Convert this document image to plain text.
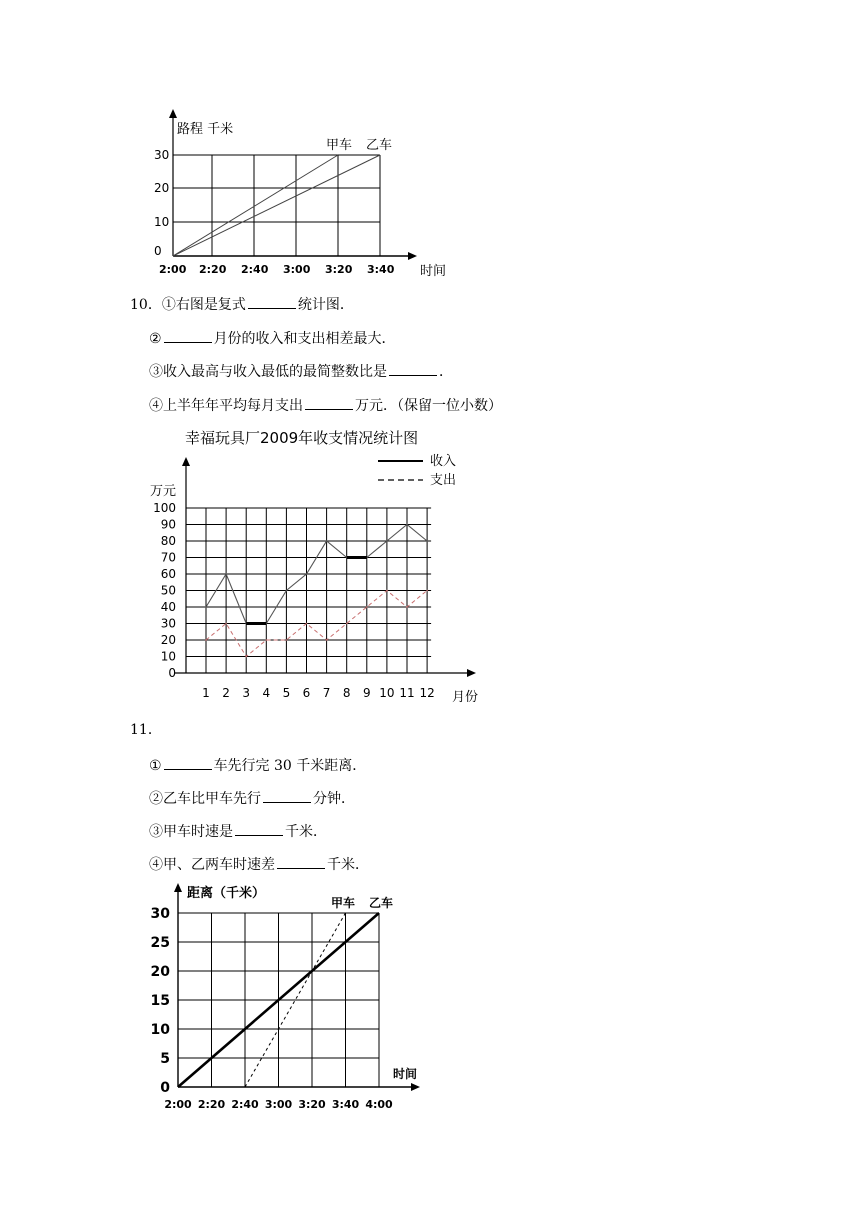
路程 千米
时间
30
20
10
0
2:00 2:20 2:40 3:00 3:20 3:40
甲车 乙车
10．①右图是复式	统计图．
②	月份的收入和支出相差最大．
③收入最高与收入最低的最简整数比是	．
④上半年年平均每月支出	万元．（保留一位小数）
幸福玩具厂2009年收支情况统计图
收入
支出
万元
月份
0
10
20
30
40
50
60
70
80
90
100
1 2 3 4 5 6 7 8 9 10 11 12
11．
①	车先行完 30 千米距离．
②乙车比甲车先行	分钟．
③甲车时速是	千米．
④甲、乙两车时速差	千米．
距离（千米）
时间
甲车 乙车
0
5
10
15
20
25
30
2:00 2:20 2:40 3:00 3:20 3:40 4:00
